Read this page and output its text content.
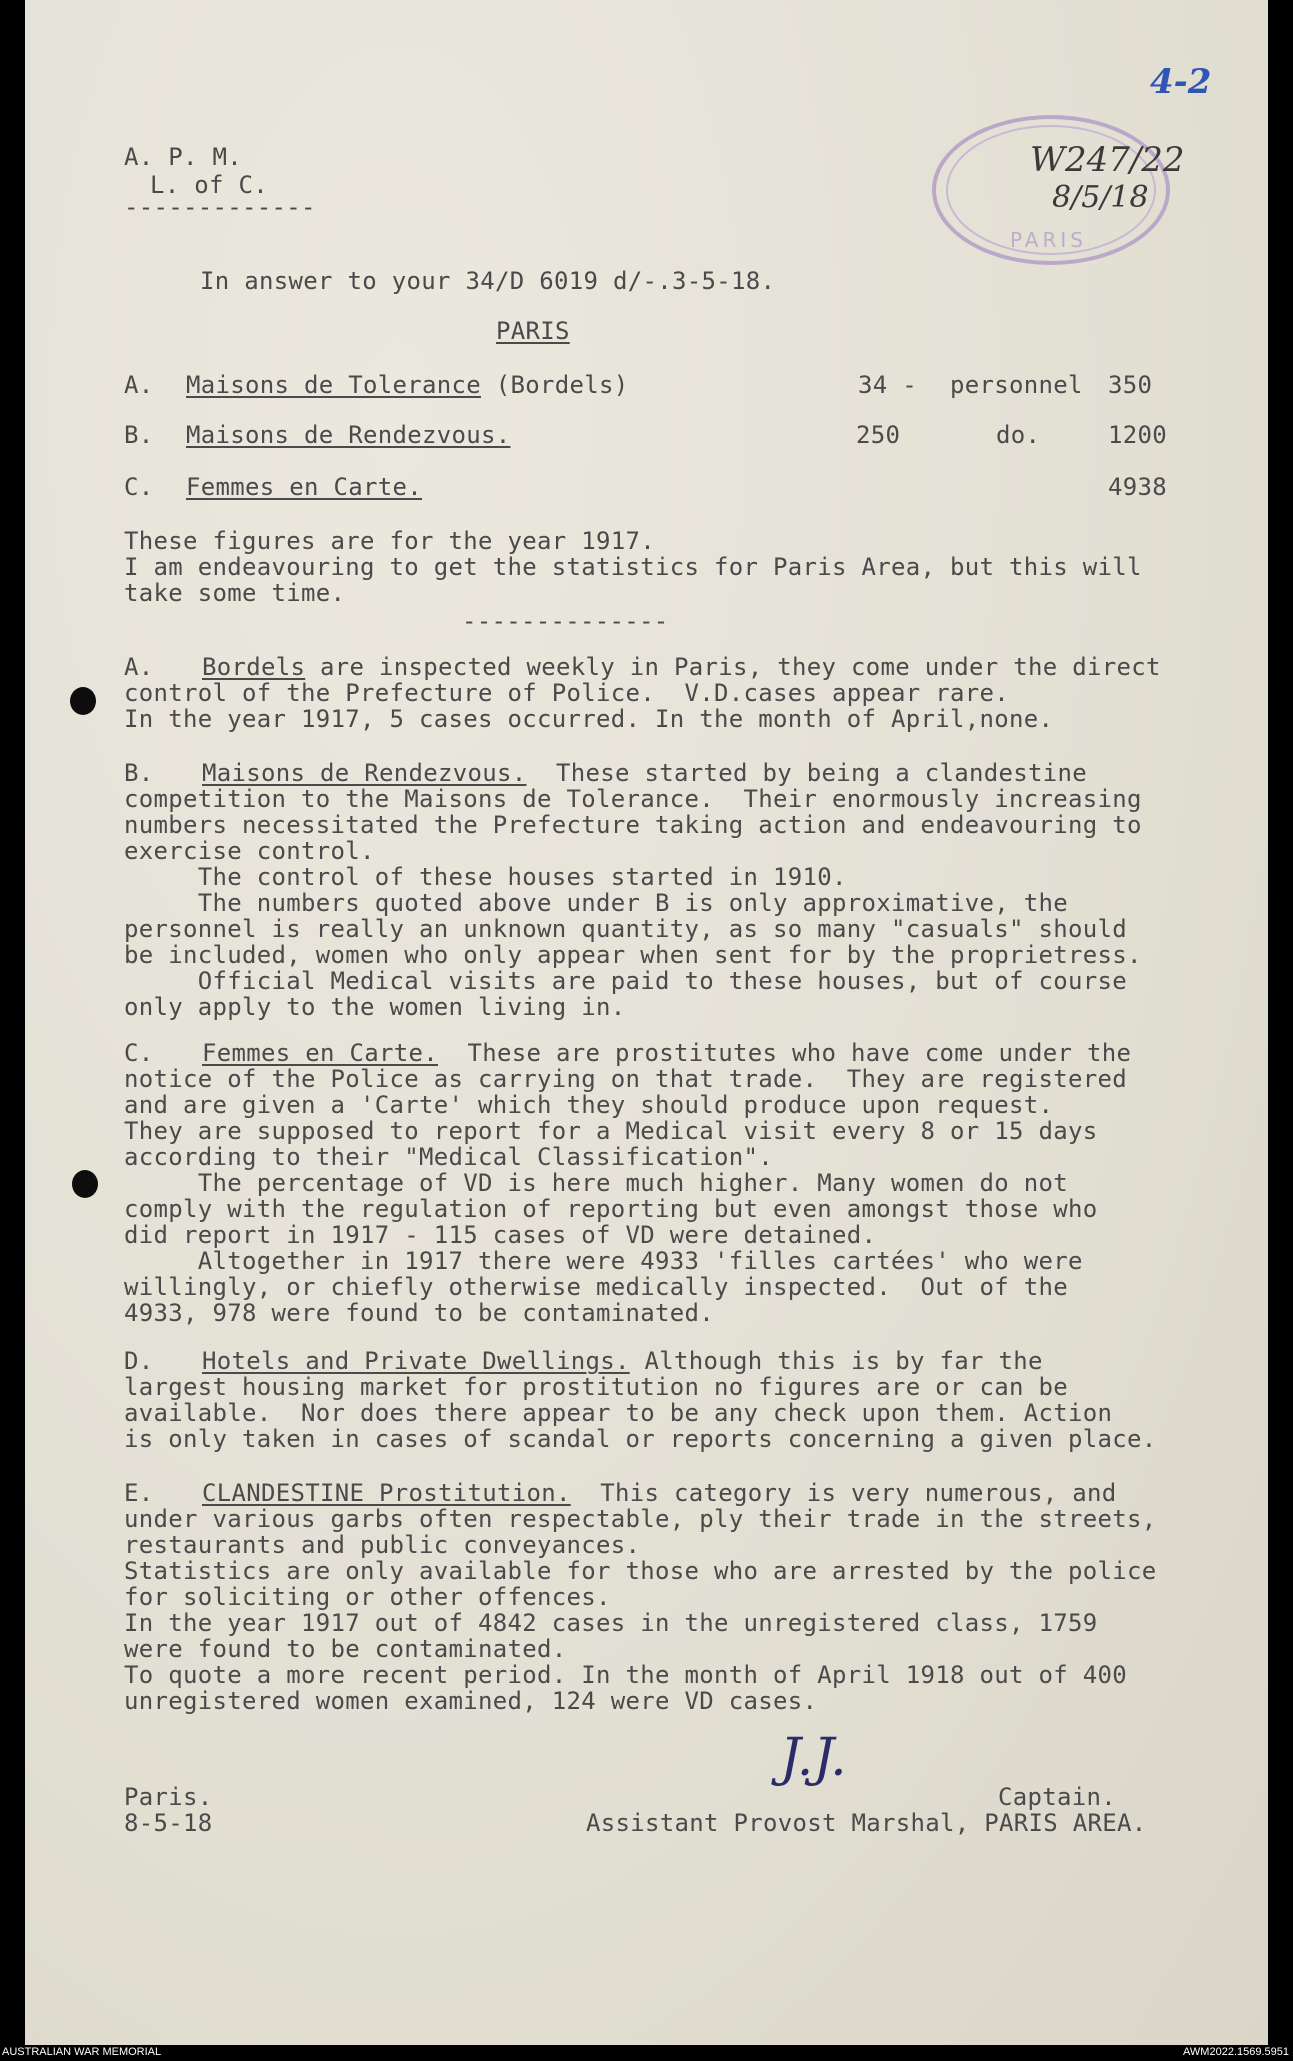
4-2
PARIS
W247/22
8/5/18
A. P. M.
L. of C.
-------------
In answer to your 34/D 6019 d/-.3-5-18.
PARIS
A. Maisons de Tolerance (Bordels)	34 - personnel 350
B. Maisons de Rendezvous.	250	do.	1200
C. Femmes en Carte.	4938
These figures are for the year 1917.
I am endeavouring to get the statistics for Paris Area, but this will
take some time.
--------------
A. Bordels are inspected weekly in Paris, they come under the direct
control of the Prefecture of Police.  V.D.cases appear rare.
In the year 1917, 5 cases occurred. In the month of April,none.
B. Maisons de Rendezvous.  These started by being a clandestine
competition to the Maisons de Tolerance.  Their enormously increasing
numbers necessitated the Prefecture taking action and endeavouring to
exercise control.
The control of these houses started in 1910.
The numbers quoted above under B is only approximative, the
personnel is really an unknown quantity, as so many "casuals" should
be included, women who only appear when sent for by the proprietress.
Official Medical visits are paid to these houses, but of course
only apply to the women living in.
C. Femmes en Carte.  These are prostitutes who have come under the
notice of the Police as carrying on that trade.  They are registered
and are given a 'Carte' which they should produce upon request.
They are supposed to report for a Medical visit every 8 or 15 days
according to their "Medical Classification".
The percentage of VD is here much higher. Many women do not
comply with the regulation of reporting but even amongst those who
did report in 1917 - 115 cases of VD were detained.
Altogether in 1917 there were 4933 'filles cartées' who were
willingly, or chiefly otherwise medically inspected.  Out of the
4933, 978 were found to be contaminated.
D. Hotels and Private Dwellings. Although this is by far the
largest housing market for prostitution no figures are or can be
available.  Nor does there appear to be any check upon them. Action
is only taken in cases of scandal or reports concerning a given place.
E. CLANDESTINE Prostitution.  This category is very numerous, and
under various garbs often respectable, ply their trade in the streets,
restaurants and public conveyances.
Statistics are only available for those who are arrested by the police
for soliciting or other offences.
In the year 1917 out of 4842 cases in the unregistered class, 1759
were found to be contaminated.
To quote a more recent period. In the month of April 1918 out of 400
unregistered women examined, 124 were VD cases.
J.J.
Paris.
8-5-18
Captain.
Assistant Provost Marshal, PARIS AREA.
AUSTRALIAN WAR MEMORIAL	AWM2022.1569.5951
